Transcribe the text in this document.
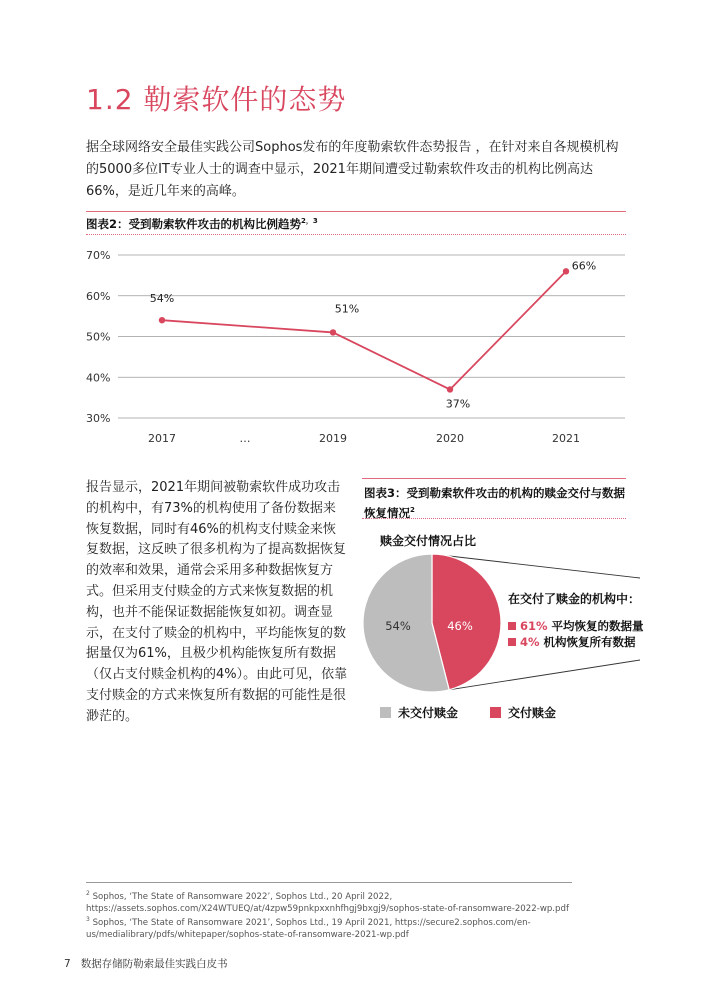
1.2 勒索软件的态势
据全球网络安全最佳实践公司Sophos发布的年度勒索软件态势报告 ，在针对来自各规模机构的5000多位IT专业人士的调查中显示，2021年期间遭受过勒索软件攻击的机构比例高达66%，是近几年来的高峰。
图表2：受到勒索软件攻击的机构比例趋势$^{2,3}$
70%
60%
50%
40%
30%
2017	…	2019	2020	2021
54%
51%
37%
66%
报告显示，2021年期间被勒索软件成功攻击的机构中，有73%的机构使用了备份数据来恢复数据，同时有46%的机构支付赎金来恢复数据，这反映了很多机构为了提高数据恢复的效率和效果，通常会采用多种数据恢复方式。但采用支付赎金的方式来恢复数据的机构，也并不能保证数据能恢复如初。调查显示，在支付了赎金的机构中，平均能恢复的数据量仅为61%，且极少机构能恢复所有数据（仅占支付赎金机构的4%）。由此可见，依靠支付赎金的方式来恢复所有数据的可能性是很渺茫的。
图表3：受到勒索软件攻击的机构的赎金交付与数据恢复情况$^2$
赎金交付情况占比
46%
54%
在交付了赎金的机构中：
61% 平均恢复的数据量
4% 机构恢复所有数据
未交付赎金	交付赎金
$^2$ Sophos, ‘The State of Ransomware 2022’, Sophos Ltd., 20 April 2022, https://assets.sophos.com/X24WTUEQ/at/4zpw59pnkpxxnhfhgj9bxgj9/sophos-state-of-ransomware-2022-wp.pdf
$^3$ Sophos, ‘The State of Ransomware 2021’, Sophos Ltd., 19 April 2021, https://secure2.sophos.com/en-us/medialibrary/pdfs/whitepaper/sophos-state-of-ransomware-2021-wp.pdf
7 数据存储防勒索最佳实践白皮书
